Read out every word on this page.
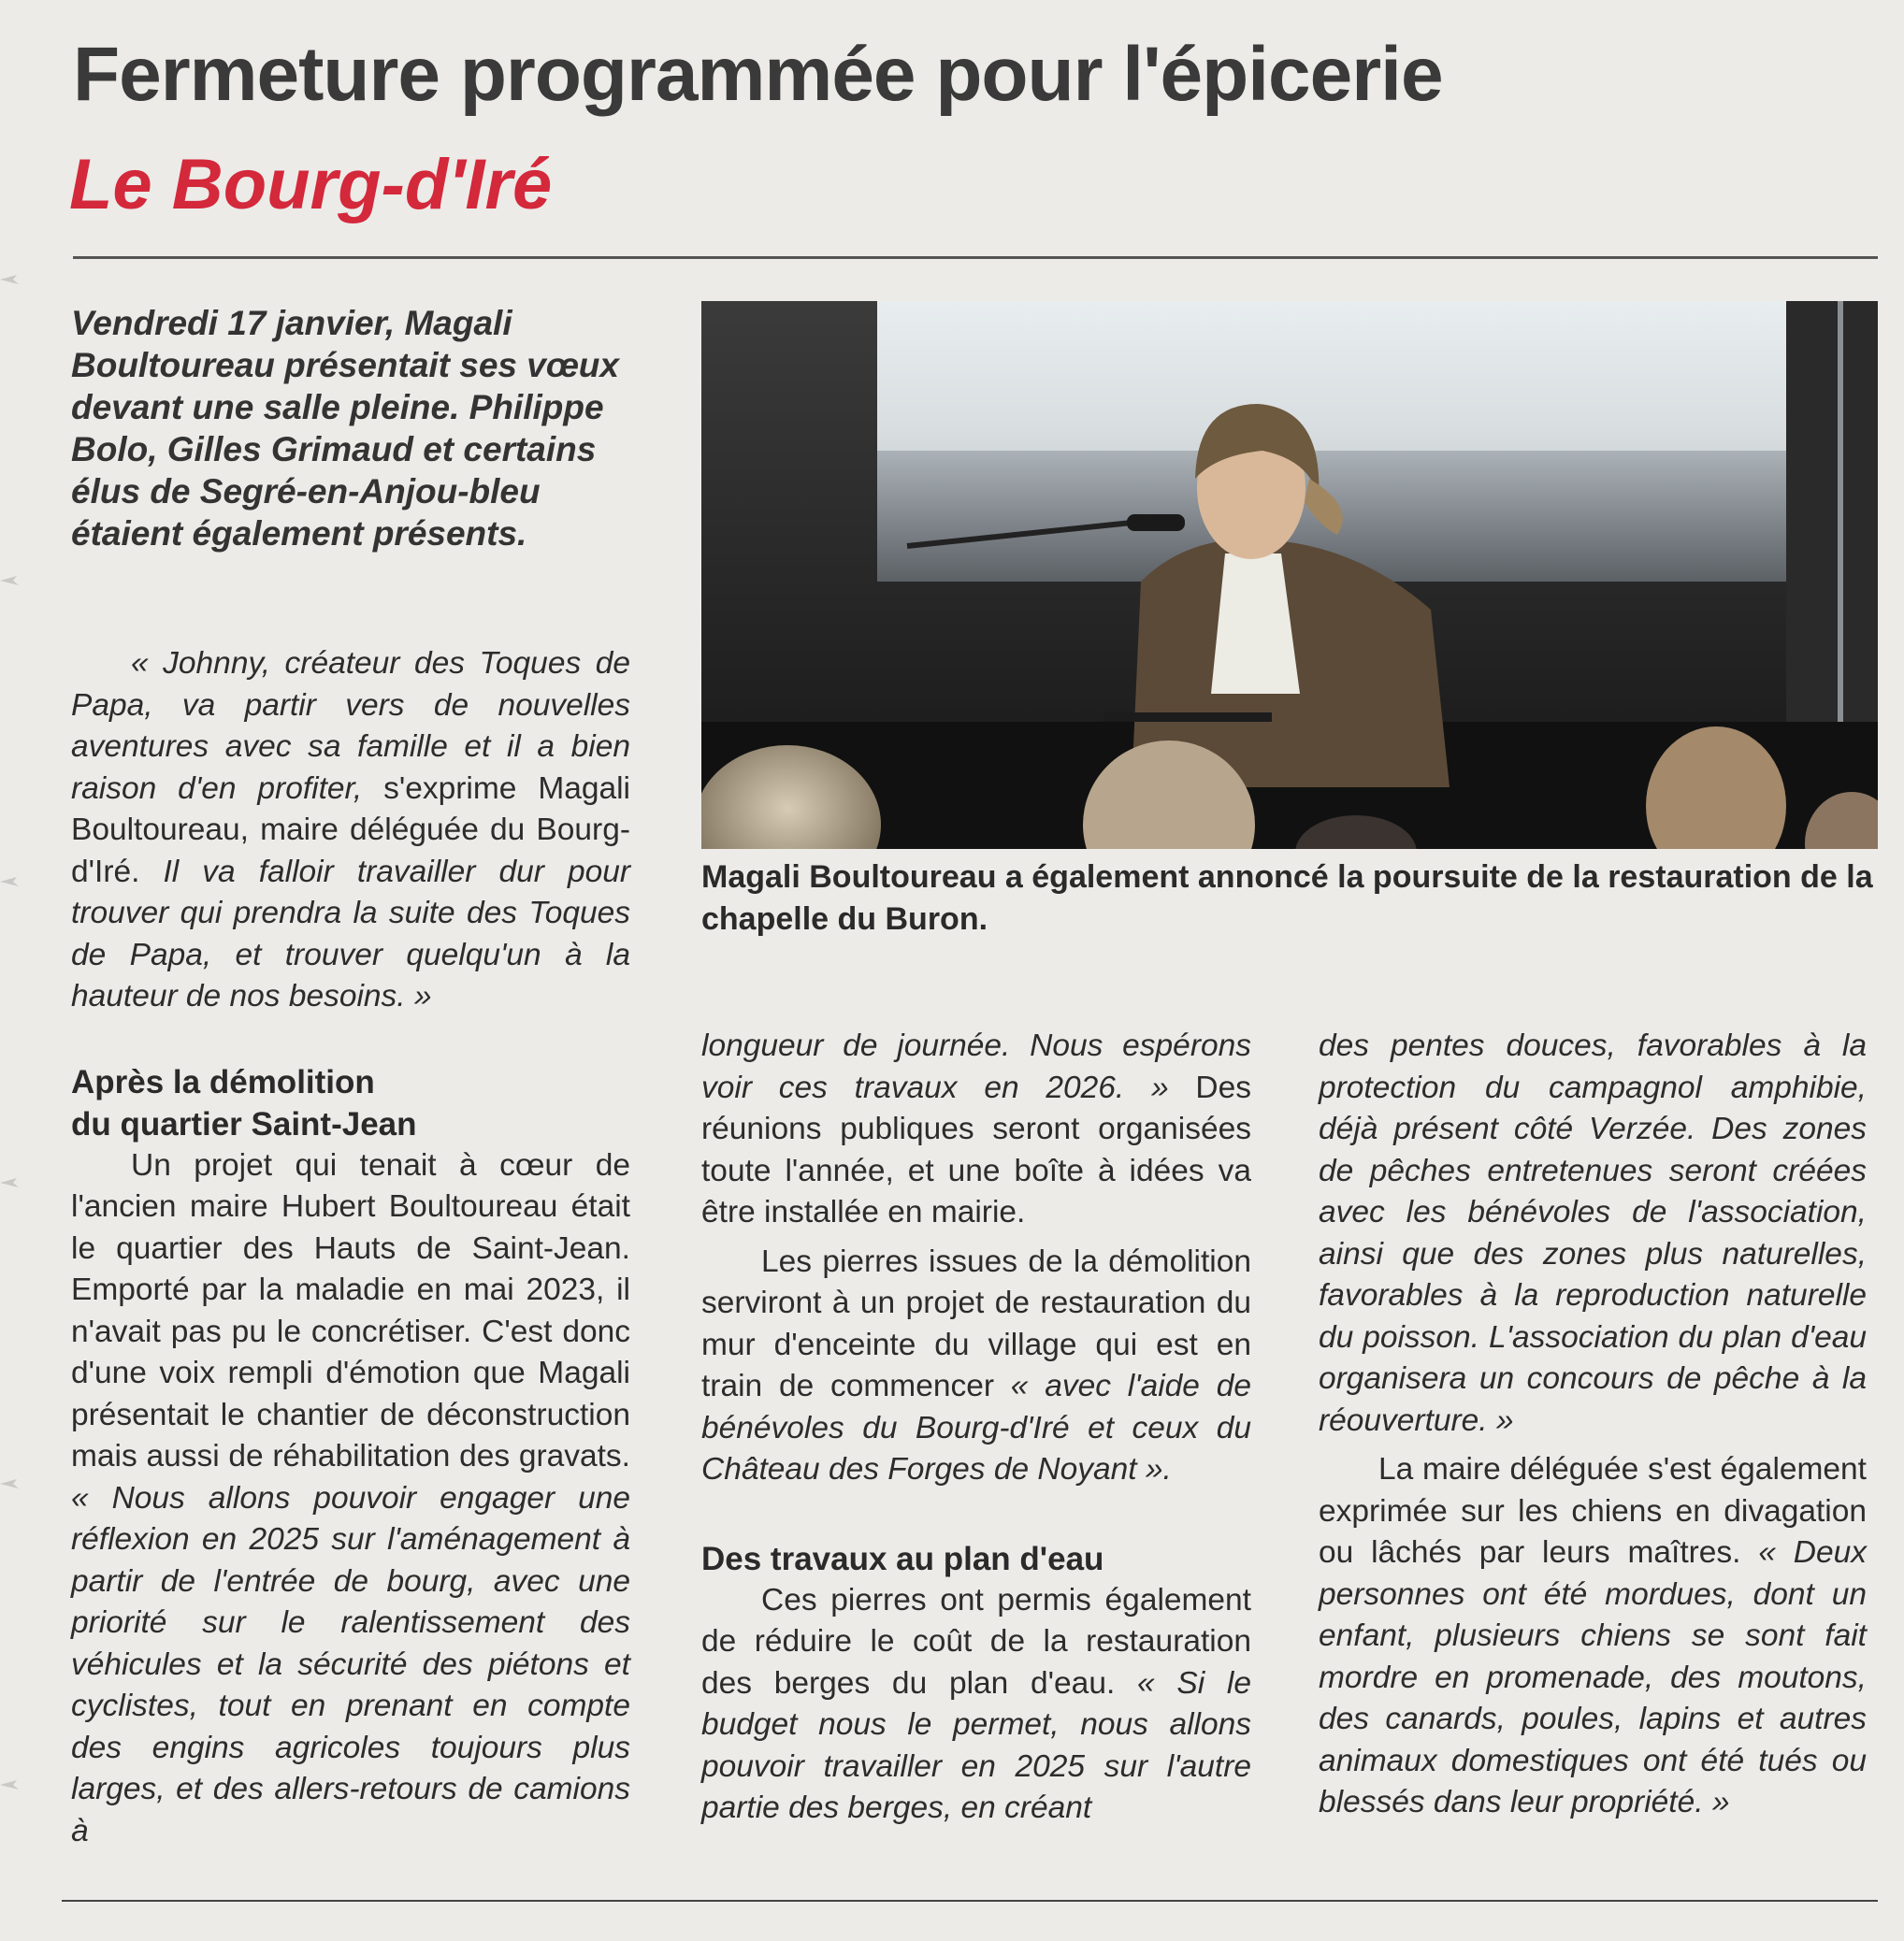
Fermeture programmée pour l'épicerie
Le Bourg-d'Iré

Vendredi 17 janvier, Magali Boultoureau présentait ses vœux devant une salle pleine. Philippe Bolo, Gilles Grimaud et certains élus de Segré-en-Anjou-bleu étaient également présents.

« Johnny, créateur des Toques de Papa, va partir vers de nouvelles aventures avec sa famille et il a bien raison d'en profiter, s'exprime Magali Boultoureau, maire déléguée du Bourg-d'Iré. Il va falloir travailler dur pour trouver qui prendra la suite des Toques de Papa, et trouver quelqu'un à la hauteur de nos besoins. »

Après la démolition
du quartier Saint-Jean

Un projet qui tenait à cœur de l'ancien maire Hubert Boultoureau était le quartier des Hauts de Saint-Jean. Emporté par la maladie en mai 2023, il n'avait pas pu le concrétiser. C'est donc d'une voix rempli d'émotion que Magali présentait le chantier de déconstruction mais aussi de réhabilitation des gravats. « Nous allons pouvoir engager une réflexion en 2025 sur l'aménagement à partir de l'entrée de bourg, avec une priorité sur le ralentissement des véhicules et la sécurité des piétons et cyclistes, tout en prenant en compte des engins agricoles toujours plus larges, et des allers-retours de camions à

Magali Boultoureau a également annoncé la poursuite de la restauration de la chapelle du Buron.

longueur de journée. Nous espérons voir ces travaux en 2026. » Des réunions publiques seront organisées toute l'année, et une boîte à idées va être installée en mairie.

Les pierres issues de la démolition serviront à un projet de restauration du mur d'enceinte du village qui est en train de commencer « avec l'aide de bénévoles du Bourg-d'Iré et ceux du Château des Forges de Noyant ».

Des travaux au plan d'eau

Ces pierres ont permis également de réduire le coût de la restauration des berges du plan d'eau. « Si le budget nous le permet, nous allons pouvoir travailler en 2025 sur l'autre partie des berges, en créant

des pentes douces, favorables à la protection du campagnol amphibie, déjà présent côté Verzée. Des zones de pêches entretenues seront créées avec les bénévoles de l'association, ainsi que des zones plus naturelles, favorables à la reproduction naturelle du poisson. L'association du plan d'eau organisera un concours de pêche à la réouverture. »

La maire déléguée s'est également exprimée sur les chiens en divagation ou lâchés par leurs maîtres. « Deux personnes ont été mordues, dont un enfant, plusieurs chiens se sont fait mordre en promenade, des moutons, des canards, poules, lapins et autres animaux domestiques ont été tués ou blessés dans leur propriété. »
